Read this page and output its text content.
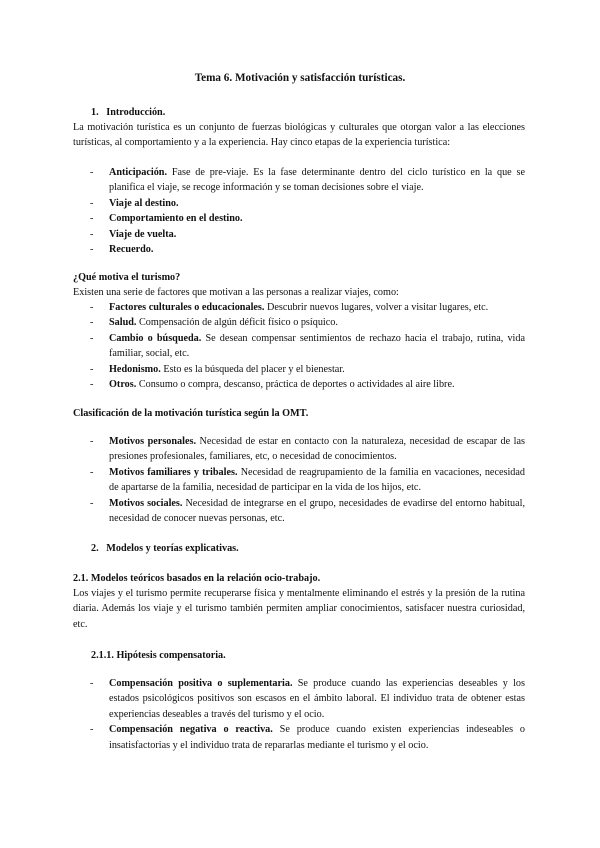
Tema 6. Motivación y satisfacción turísticas.
1.   Introducción.
La motivación turística es un conjunto de fuerzas biológicas y culturales que otorgan valor a las elecciones turísticas, al comportamiento y a la experiencia. Hay cinco etapas de la experiencia turística:
- Anticipación. Fase de pre-viaje. Es la fase determinante dentro del ciclo turístico en la que se planifica el viaje, se recoge información y se toman decisiones sobre el viaje.
- Viaje al destino.
- Comportamiento en el destino.
- Viaje de vuelta.
- Recuerdo.
¿Qué motiva el turismo?
Existen una serie de factores que motivan a las personas a realizar viajes, como:
- Factores culturales o educacionales. Descubrir nuevos lugares, volver a visitar lugares, etc.
- Salud. Compensación de algún déficit físico o psíquico.
- Cambio o búsqueda. Se desean compensar sentimientos de rechazo hacia el trabajo, rutina, vida familiar, social, etc.
- Hedonismo. Esto es la búsqueda del placer y el bienestar.
- Otros. Consumo o compra, descanso, práctica de deportes o actividades al aire libre.
Clasificación de la motivación turística según la OMT.
- Motivos personales. Necesidad de estar en contacto con la naturaleza, necesidad de escapar de las presiones profesionales, familiares, etc, o necesidad de conocimientos.
- Motivos familiares y tribales. Necesidad de reagrupamiento de la familia en vacaciones, necesidad de apartarse de la familia, necesidad de participar en la vida de los hijos, etc.
- Motivos sociales. Necesidad de integrarse en el grupo, necesidades de evadirse del entorno habitual, necesidad de conocer nuevas personas, etc.
2.   Modelos y teorías explicativas.
2.1. Modelos teóricos basados en la relación ocio-trabajo.
Los viajes y el turismo permite recuperarse física y mentalmente eliminando el estrés y la presión de la rutina diaria. Además los viaje y el turismo también permiten ampliar conocimientos, satisfacer nuestra curiosidad, etc.
2.1.1. Hipótesis compensatoria.
- Compensación positiva o suplementaria. Se produce cuando las experiencias deseables y los estados psicológicos positivos son escasos en el ámbito laboral. El individuo trata de obtener estas experiencias deseables a través del turismo y el ocio.
- Compensación negativa o reactiva. Se produce cuando existen experiencias indeseables o insatisfactorias y el individuo trata de repararlas mediante el turismo y el ocio.
